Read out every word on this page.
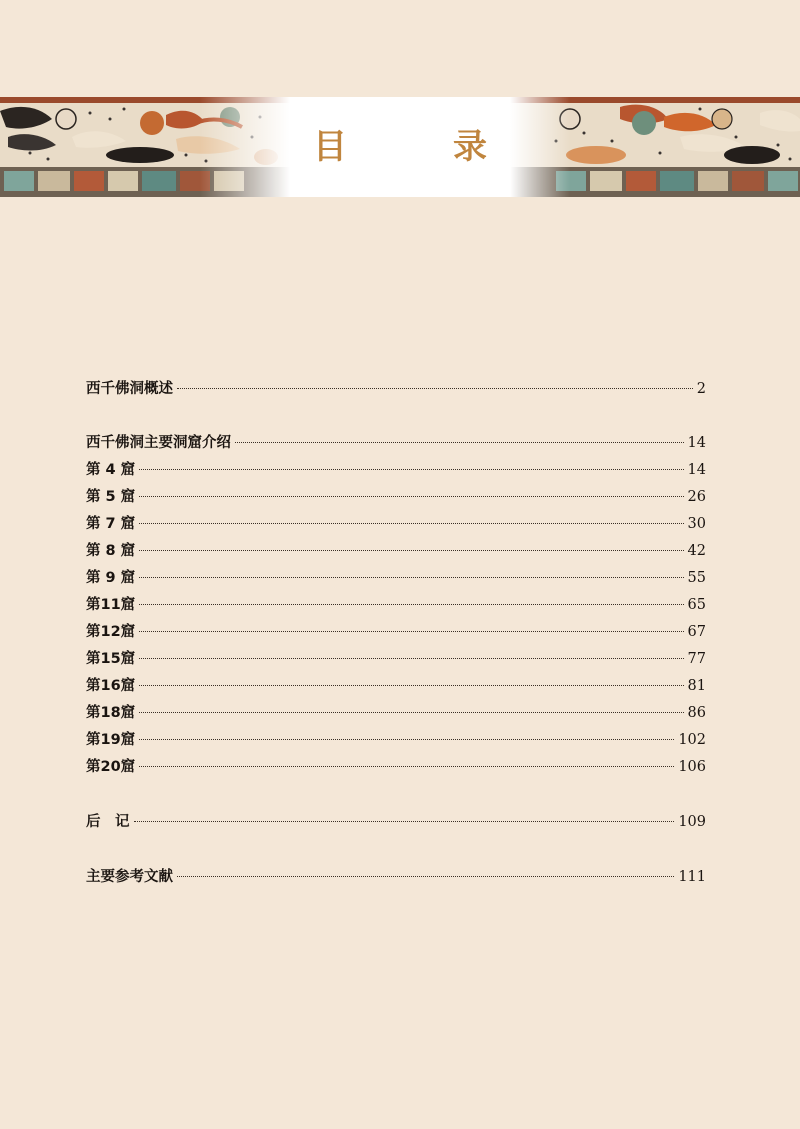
目　录
西千佛洞概述	2
西千佛洞主要洞窟介绍	14
第 4 窟	14
第 5 窟	26
第 7 窟	30
第 8 窟	42
第 9 窟	55
第11窟	65
第12窟	67
第15窟	77
第16窟	81
第18窟	86
第19窟	102
第20窟	106
后　记	109
主要参考文献	111
